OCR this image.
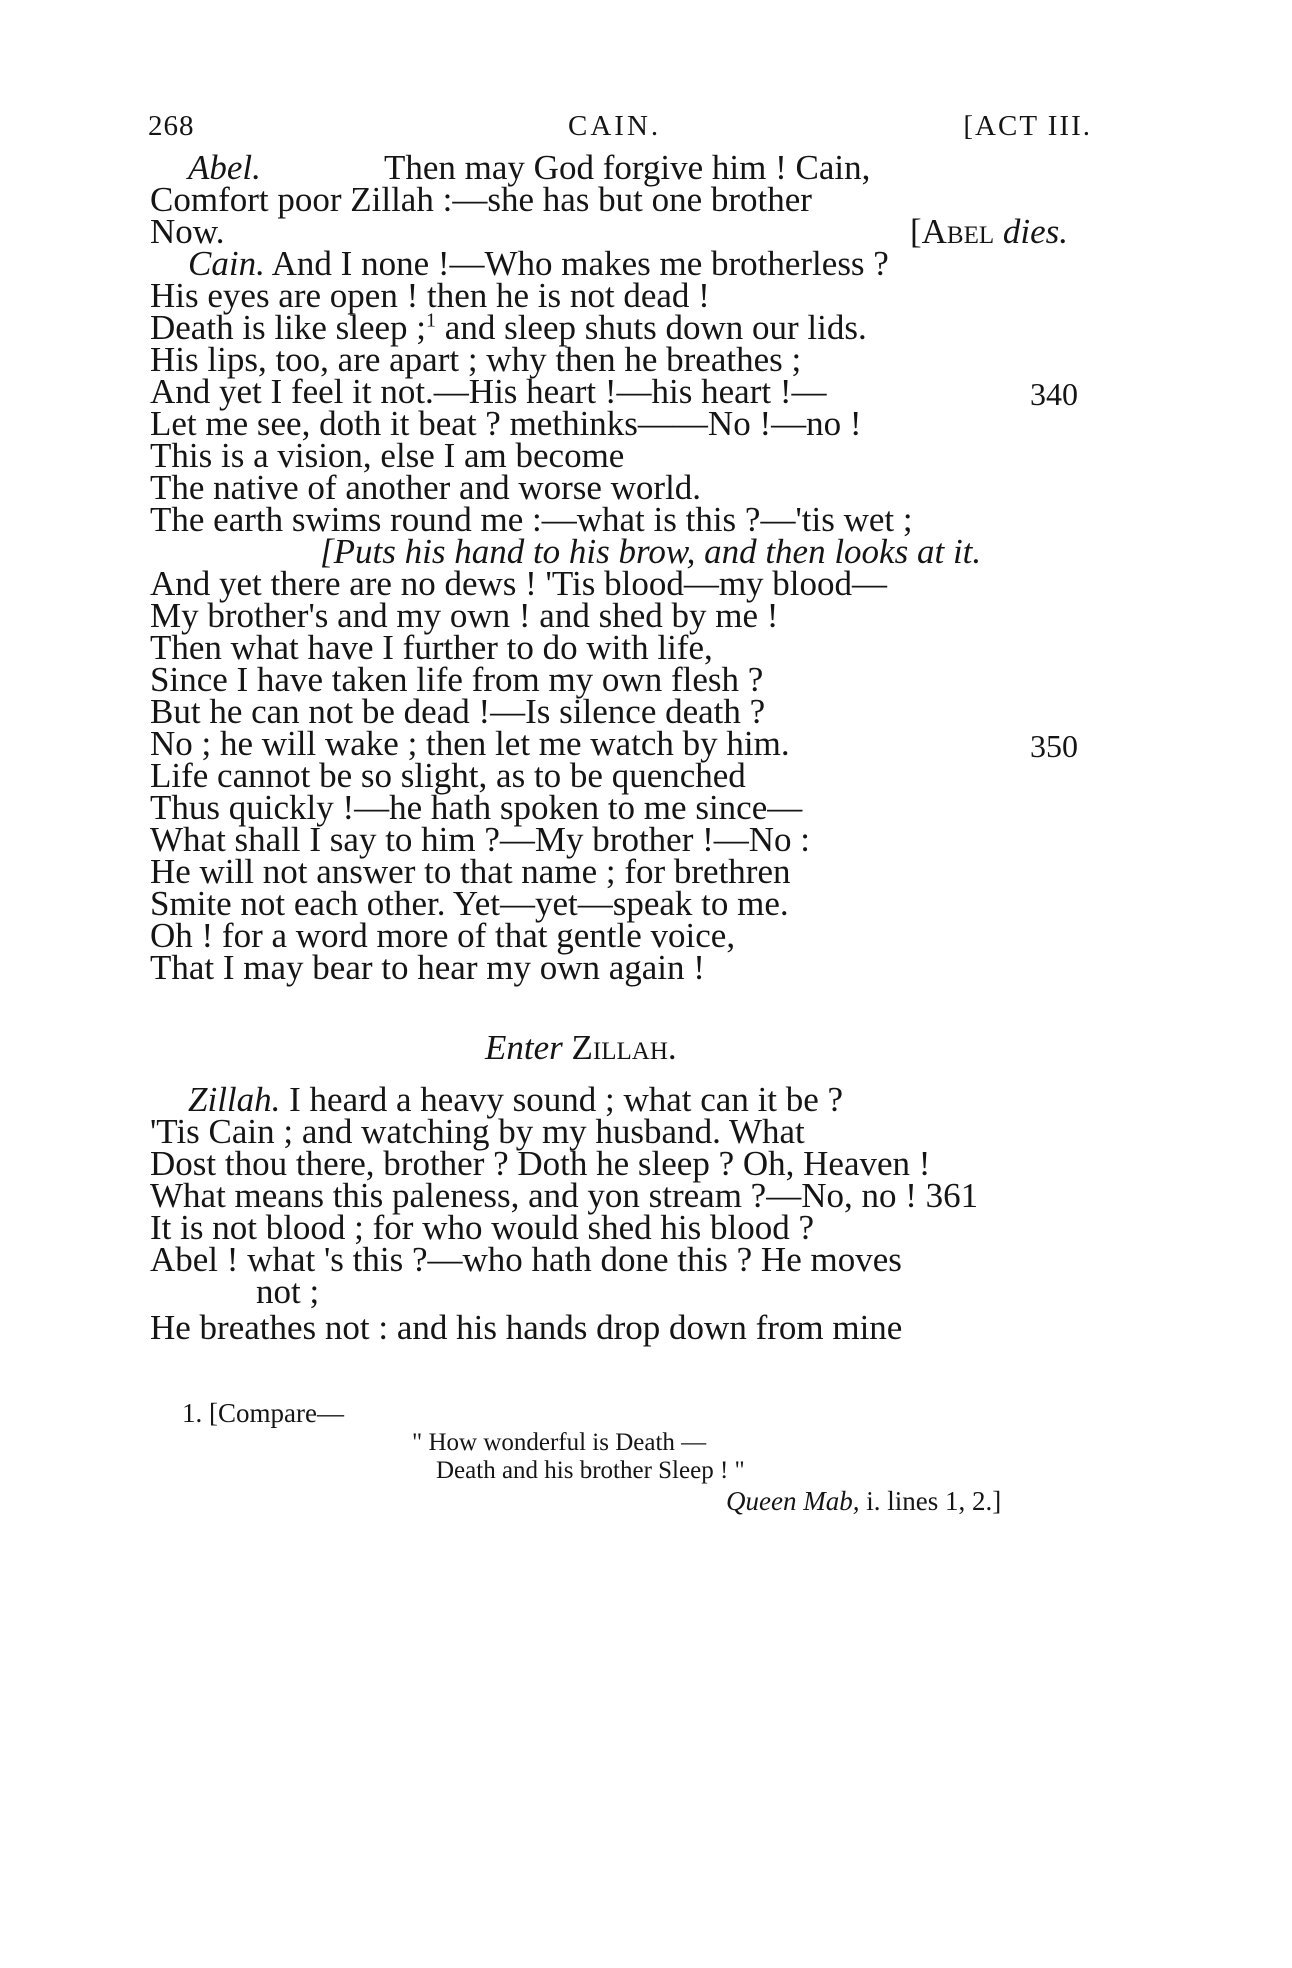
268	CAIN.	[ACT III.
Abel.	Then may God forgive him ! Cain,
Comfort poor Zillah :—she has but one brother
Now.	[Abel dies.
Cain. And I none !—Who makes me brotherless ?
His eyes are open ! then he is not dead !
Death is like sleep ;$^1$ and sleep shuts down our lids.
His lips, too, are apart ; why then he breathes ;
And yet I feel it not.—His heart !—his heart !—	340
Let me see, doth it beat ? methinks——No !—no !
This is a vision, else I am become
The native of another and worse world.
The earth swims round me :—what is this ?—'tis wet ;
[Puts his hand to his brow, and then looks at it.
And yet there are no dews ! 'Tis blood—my blood—
My brother's and my own ! and shed by me !
Then what have I further to do with life,
Since I have taken life from my own flesh ?
But he can not be dead !—Is silence death ?
No ; he will wake ; then let me watch by him.	350
Life cannot be so slight, as to be quenched
Thus quickly !—he hath spoken to me since—
What shall I say to him ?—My brother !—No :
He will not answer to that name ; for brethren
Smite not each other. Yet—yet—speak to me.
Oh ! for a word more of that gentle voice,
That I may bear to hear my own again !
Enter Zillah.
Zillah. I heard a heavy sound ; what can it be ?
'Tis Cain ; and watching by my husband. What
Dost thou there, brother ? Doth he sleep ? Oh, Heaven !
What means this paleness, and yon stream ?—No, no ! 361
It is not blood ; for who would shed his blood ?
Abel ! what 's this ?—who hath done this ? He moves
not ;
He breathes not : and his hands drop down from mine
1. [Compare—
" How wonderful is Death —
Death and his brother Sleep ! "
Queen Mab, i. lines 1, 2.]
